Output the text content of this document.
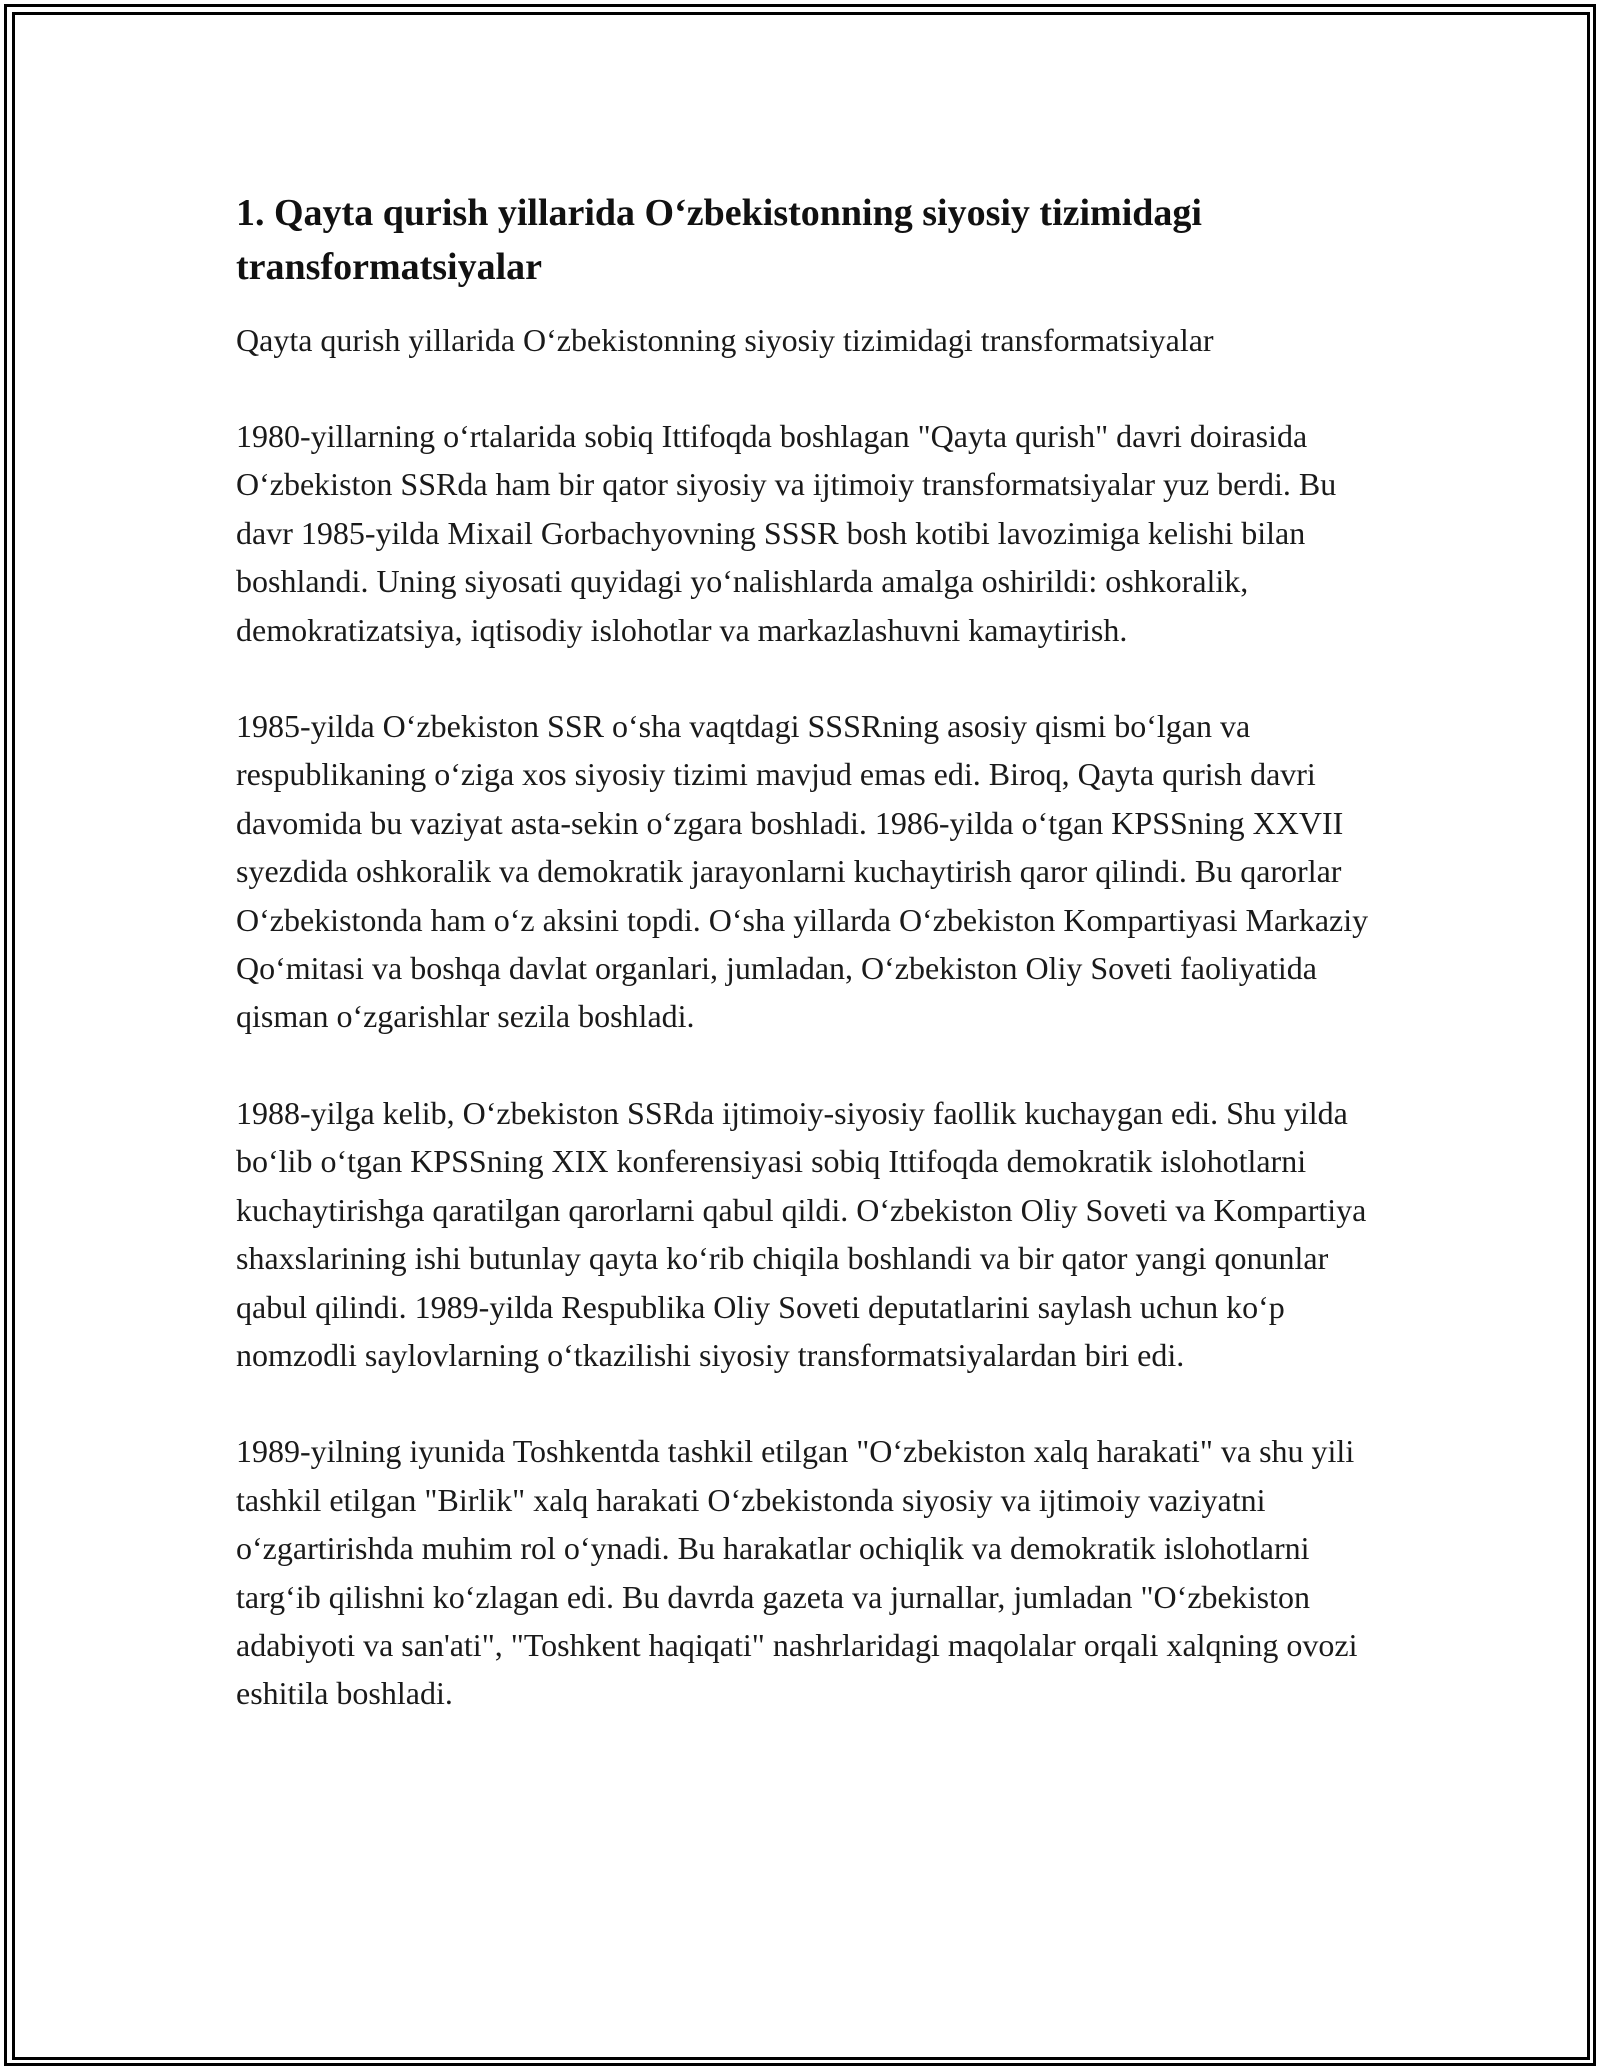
1. Qayta qurish yillarida O‘zbekistonning siyosiy tizimidagi transformatsiyalar

Qayta qurish yillarida O‘zbekistonning siyosiy tizimidagi transformatsiyalar

1980-yillarning o‘rtalarida sobiq Ittifoqda boshlagan "Qayta qurish" davri doirasida O‘zbekiston SSRda ham bir qator siyosiy va ijtimoiy transformatsiyalar yuz berdi. Bu davr 1985-yilda Mixail Gorbachyovning SSSR bosh kotibi lavozimiga kelishi bilan boshlandi. Uning siyosati quyidagi yo‘nalishlarda amalga oshirildi: oshkoralik, demokratizatsiya, iqtisodiy islohotlar va markazlashuvni kamaytirish.

1985-yilda O‘zbekiston SSR o‘sha vaqtdagi SSSRning asosiy qismi bo‘lgan va respublikaning o‘ziga xos siyosiy tizimi mavjud emas edi. Biroq, Qayta qurish davri davomida bu vaziyat asta-sekin o‘zgara boshladi. 1986-yilda o‘tgan KPSSning XXVII syezdida oshkoralik va demokratik jarayonlarni kuchaytirish qaror qilindi. Bu qarorlar O‘zbekistonda ham o‘z aksini topdi. O‘sha yillarda O‘zbekiston Kompartiyasi Markaziy Qo‘mitasi va boshqa davlat organlari, jumladan, O‘zbekiston Oliy Soveti faoliyatida qisman o‘zgarishlar sezila boshladi.

1988-yilga kelib, O‘zbekiston SSRda ijtimoiy-siyosiy faollik kuchaygan edi. Shu yilda bo‘lib o‘tgan KPSSning XIX konferensiyasi sobiq Ittifoqda demokratik islohotlarni kuchaytirishga qaratilgan qarorlarni qabul qildi. O‘zbekiston Oliy Soveti va Kompartiya shaxslarining ishi butunlay qayta ko‘rib chiqila boshlandi va bir qator yangi qonunlar qabul qilindi. 1989-yilda Respublika Oliy Soveti deputatlarini saylash uchun ko‘p nomzodli saylovlarning o‘tkazilishi siyosiy transformatsiyalardan biri edi.

1989-yilning iyunida Toshkentda tashkil etilgan "O‘zbekiston xalq harakati" va shu yili tashkil etilgan "Birlik" xalq harakati O‘zbekistonda siyosiy va ijtimoiy vaziyatni o‘zgartirishda muhim rol o‘ynadi. Bu harakatlar ochiqlik va demokratik islohotlarni targ‘ib qilishni ko‘zlagan edi. Bu davrda gazeta va jurnallar, jumladan "O‘zbekiston adabiyoti va san'ati", "Toshkent haqiqati" nashrlaridagi maqolalar orqali xalqning ovozi eshitila boshladi.
